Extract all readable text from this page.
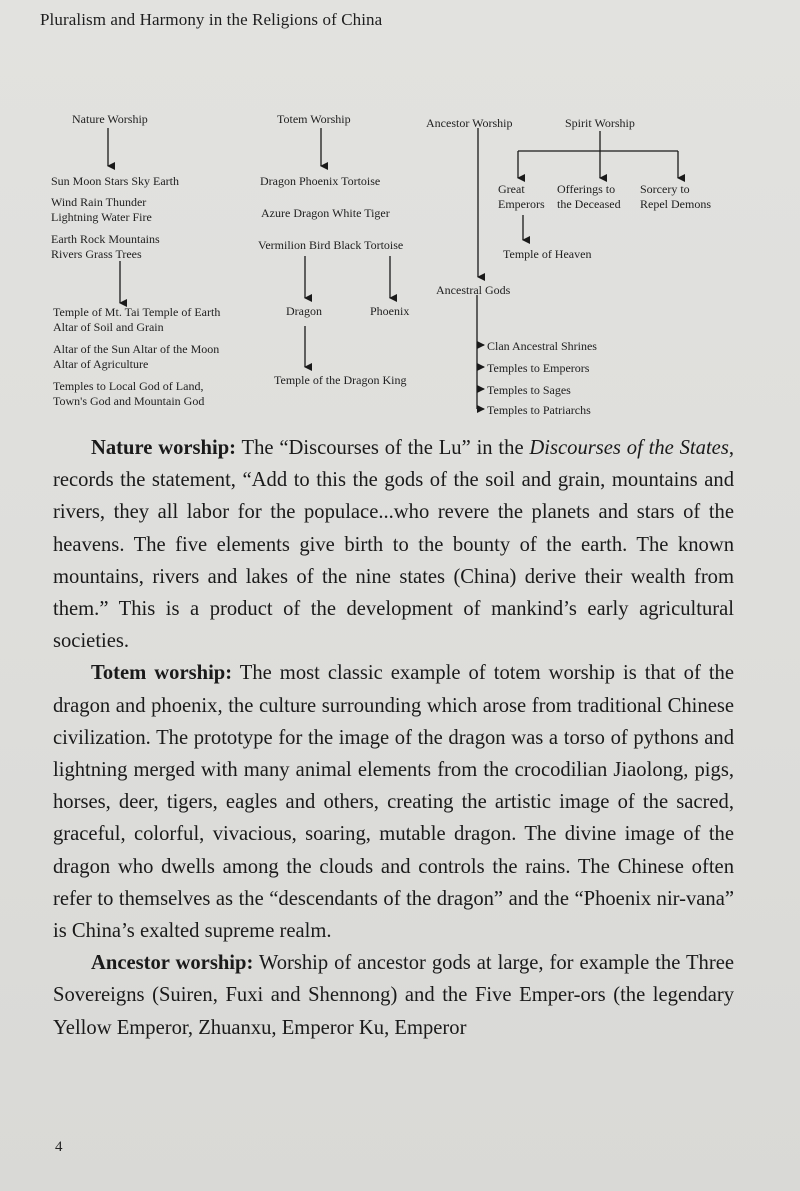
Pluralism and Harmony in the Religions of China
Nature Worship
Sun Moon Stars Sky Earth
Wind Rain Thunder
Lightning Water Fire
Earth Rock Mountains
Rivers Grass Trees
Temple of Mt. Tai Temple of Earth
Altar of Soil and Grain
Altar of the Sun Altar of the Moon
Altar of Agriculture
Temples to Local God of Land,
Town's God and Mountain God
Totem Worship
Dragon Phoenix Tortoise
Azure Dragon White Tiger
Vermilion Bird Black Tortoise
Dragon	Phoenix
Temple of the Dragon King
Ancestor Worship
Ancestral Gods
Clan Ancestral Shrines
Temples to Emperors
Temples to Sages
Temples to Patriarchs
Spirit Worship
Great
Emperors
Offerings to
the Deceased
Sorcery to
Repel Demons
Temple of Heaven

Nature worship: The “Discourses of the Lu” in the Discourses of the States, records the statement, “Add to this the gods of the soil and grain, mountains and rivers, they all labor for the populace...who revere the planets and stars of the heavens. The five elements give birth to the bounty of the earth. The known mountains, rivers and lakes of the nine states (China) derive their wealth from them.” This is a product of the development of mankind’s early agricultural societies.

Totem worship: The most classic example of totem worship is that of the dragon and phoenix, the culture surrounding which arose from traditional Chinese civilization. The prototype for the image of the dragon was a torso of pythons and lightning merged with many animal elements from the crocodilian Jiaolong, pigs, horses, deer, tigers, eagles and others, creating the artistic image of the sacred, graceful, colorful, vivacious, soaring, mutable dragon. The divine image of the dragon who dwells among the clouds and controls the rains. The Chinese often refer to themselves as the “descendants of the dragon” and the “Phoenix nir-vana” is China’s exalted supreme realm.

Ancestor worship: Worship of ancestor gods at large, for example the Three Sovereigns (Suiren, Fuxi and Shennong) and the Five Emper-ors (the legendary Yellow Emperor, Zhuanxu, Emperor Ku, Emperor

4
